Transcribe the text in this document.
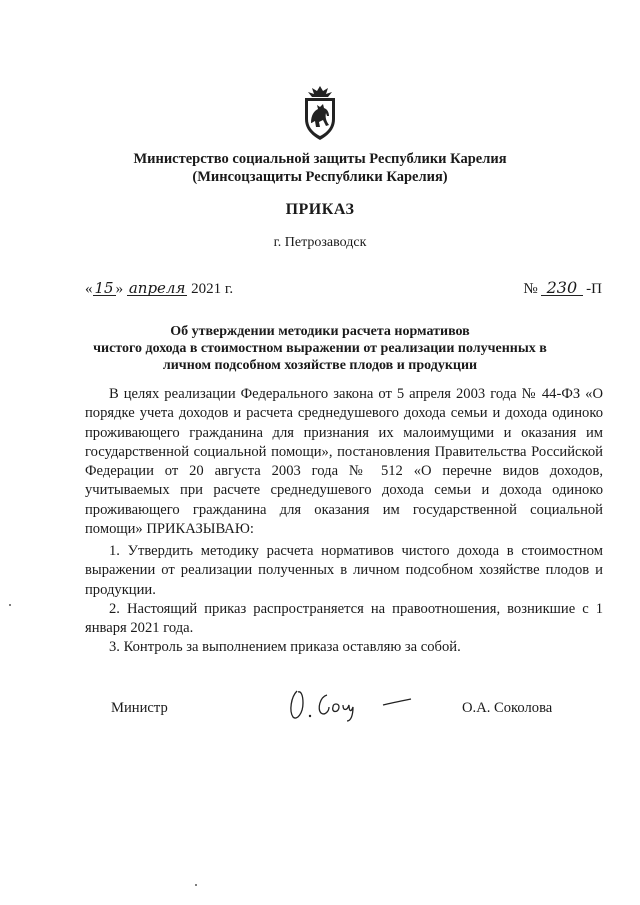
Министерство социальной защиты Республики Карелия
(Минсоцзащиты Республики Карелия)
ПРИКАЗ
г. Петрозаводск
« 15 » апреля 2021 г.	№ 230 -П
Об утверждении методики расчета нормативов
чистого дохода в стоимостном выражении от реализации полученных в
личном подсобном хозяйстве плодов и продукции
В целях реализации Федерального закона от 5 апреля 2003 года № 44-ФЗ «О порядке учета доходов и расчета среднедушевого дохода семьи и дохода одиноко проживающего гражданина для признания их малоимущими и оказания им государственной социальной помощи», постановления Правительства Российской Федерации от 20 августа 2003 года № 512 «О перечне видов доходов, учитываемых при расчете среднедушевого дохода семьи и дохода одиноко проживающего гражданина для оказания им государственной социальной помощи» ПРИКАЗЫВАЮ:

1. Утвердить методику расчета нормативов чистого дохода в стоимостном выражении от реализации полученных в личном подсобном хозяйстве плодов и продукции.

2. Настоящий приказ распространяется на правоотношения, возникшие с 1 января 2021 года.

3. Контроль за выполнением приказа оставляю за собой.

Министр	О.А. Соколова
